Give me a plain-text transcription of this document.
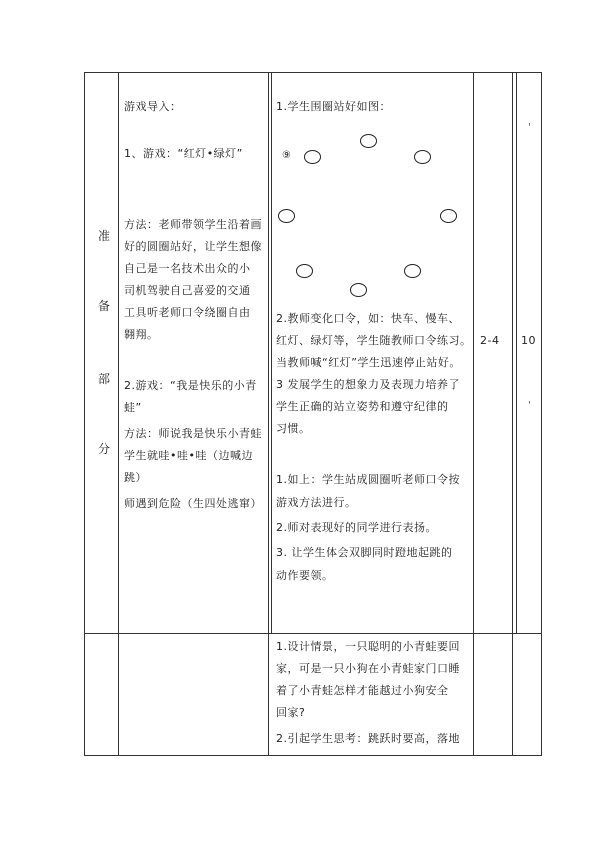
准
备
部
分
游戏导入：
1、游戏：“红灯•绿灯”
方法：老师带领学生沿着画
好的圆圈站好，让学生想像
自己是一名技术出众的小
司机驾驶自己喜爱的交通
工具听老师口令绕圈自由
翱翔。
2.游戏：“我是快乐的小青
蛙”
方法：师说我是快乐小青蛙
学生就哇•哇•哇（边喊边
跳）
师遇到危险（生四处逃窜）
1.学生围圈站好如图：
⑨
2.教师变化口令，如：快车、慢车、
红灯、绿灯等，学生随教师口令练习。
当教师喊“红灯”学生迅速停止站好。
3 发展学生的想象力及表现力培养了
学生正确的站立姿势和遵守纪律的
习惯。
1.如上：学生站成圆圈听老师口令按
游戏方法进行。
2.师对表现好的同学进行表扬。
3. 让学生体会双脚同时蹬地起跳的
动作要领。
2-4 10
'
'
1.设计情景，一只聪明的小青蛙要回
家，可是一只小狗在小青蛙家门口睡
着了小青蛙怎样才能越过小狗安全
回家?
2.引起学生思考：跳跃时要高，落地
